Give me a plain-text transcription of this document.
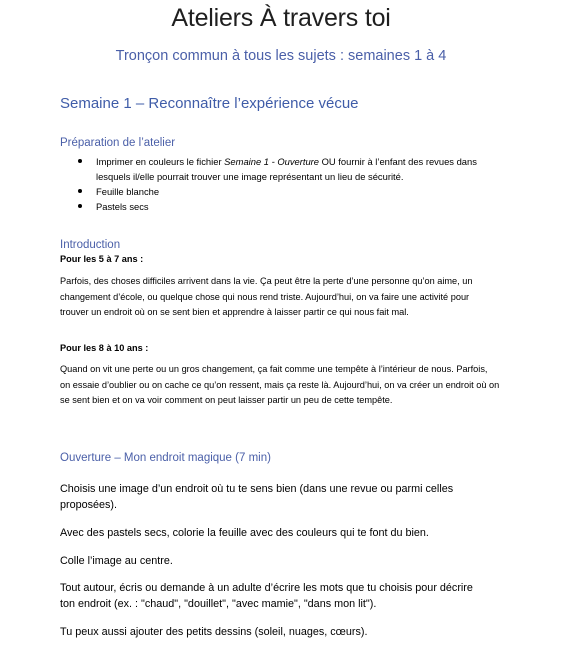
Ateliers À travers toi
Tronçon commun à tous les sujets : semaines 1 à 4
Semaine 1 – Reconnaître l’expérience vécue
Préparation de l’atelier
Imprimer en couleurs le fichier Semaine 1 - Ouverture OU fournir à l’enfant des revues dans lesquels il/elle pourrait trouver une image représentant un lieu de sécurité.
Feuille blanche
Pastels secs
Introduction
Pour les 5 à 7 ans :
Parfois, des choses difficiles arrivent dans la vie. Ça peut être la perte d’une personne qu’on aime, un changement d’école, ou quelque chose qui nous rend triste. Aujourd’hui, on va faire une activité pour trouver un endroit où on se sent bien et apprendre à laisser partir ce qui nous fait mal.
Pour les 8 à 10 ans :
Quand on vit une perte ou un gros changement, ça fait comme une tempête à l’intérieur de nous. Parfois, on essaie d’oublier ou on cache ce qu’on ressent, mais ça reste là. Aujourd’hui, on va créer un endroit où on se sent bien et on va voir comment on peut laisser partir un peu de cette tempête.
Ouverture – Mon endroit magique (7 min)
Choisis une image d’un endroit où tu te sens bien (dans une revue ou parmi celles proposées).
Avec des pastels secs, colorie la feuille avec des couleurs qui te font du bien.
Colle l’image au centre.
Tout autour, écris ou demande à un adulte d’écrire les mots que tu choisis pour décrire ton endroit (ex. : "chaud", "douillet", "avec mamie", "dans mon lit").
Tu peux aussi ajouter des petits dessins (soleil, nuages, cœurs).
